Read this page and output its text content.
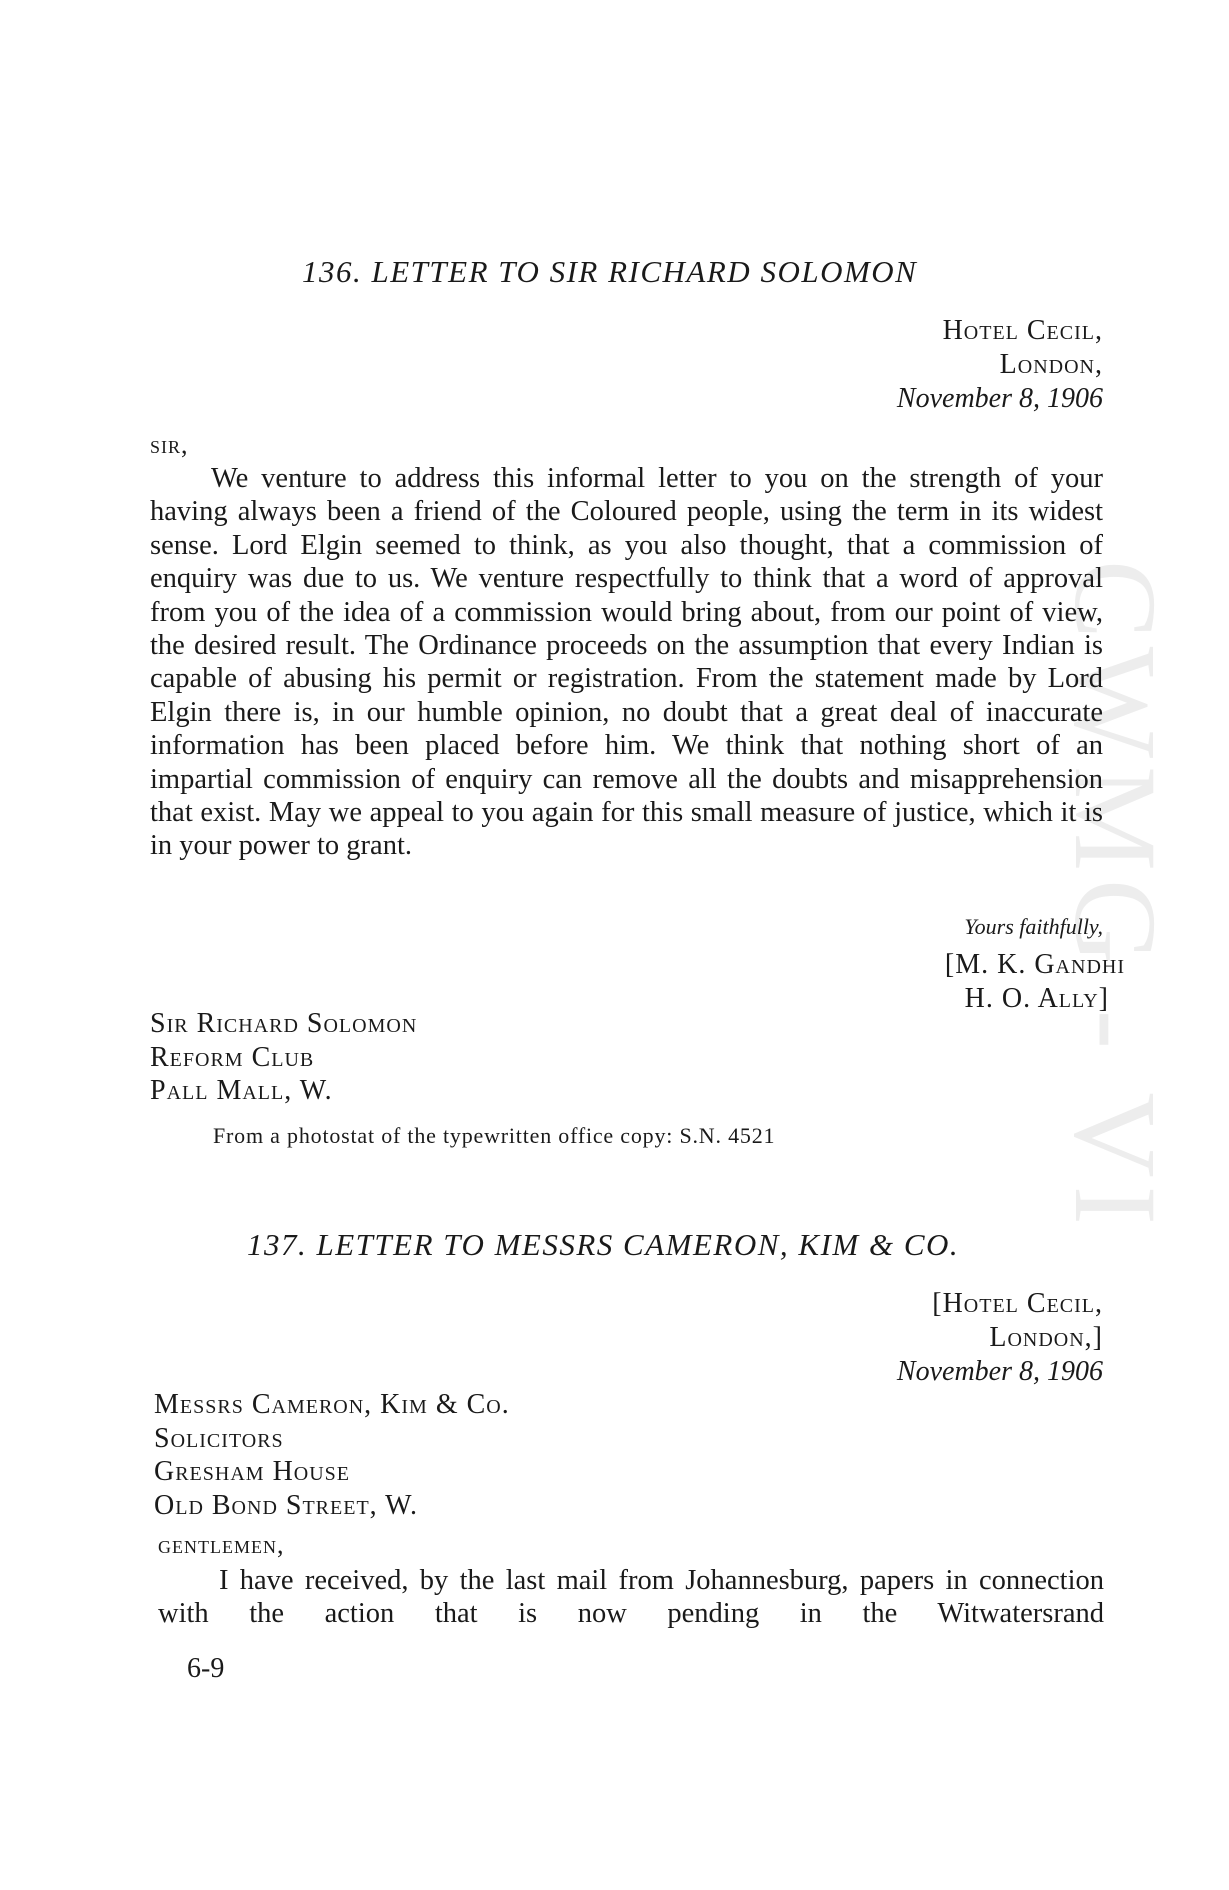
CWMG VI
136. LETTER TO SIR RICHARD SOLOMON
Hotel Cecil,
London,
November 8, 1906
sir,
We venture to address this informal letter to you on the strength of your having always been a friend of the Coloured people, using the term in its widest sense. Lord Elgin seemed to think, as you also thought, that a commission of enquiry was due to us. We venture respectfully to think that a word of approval from you of the idea of a commission would bring about, from our point of view, the desired result. The Ordinance proceeds on the assumption that every Indian is capable of abusing his permit or registration. From the statement made by Lord Elgin there is, in our humble opinion, no doubt that a great deal of inaccurate information has been placed before him. We think that nothing short of an impartial commission of enquiry can remove all the doubts and misapprehension that exist. May we appeal to you again for this small measure of justice, which it is in your power to grant.
Yours faithfully,
[M. K. Gandhi
H. O. Ally]
Sir Richard Solomon
Reform Club
Pall Mall, W.
From a photostat of the typewritten office copy: S.N. 4521
137. LETTER TO MESSRS CAMERON, KIM & CO.
[Hotel Cecil,
London,]
November 8, 1906
Messrs Cameron, Kim & Co.
Solicitors
Gresham House
Old Bond Street, W.
gentlemen,
I have received, by the last mail from Johannesburg, papers in connection with the action that is now pending in the Witwatersrand
6-9
